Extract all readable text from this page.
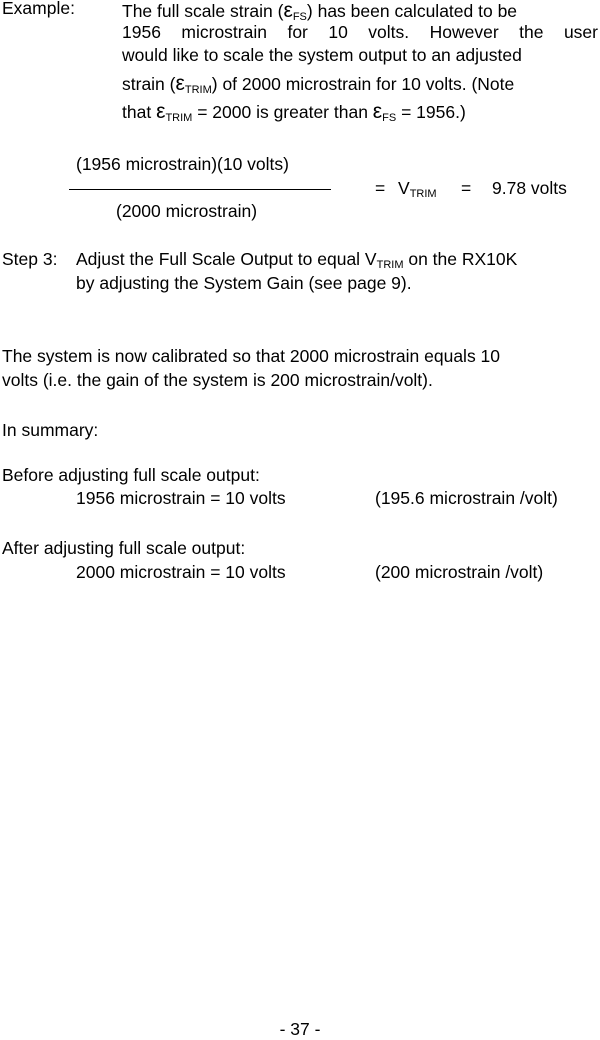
Example:	The full scale strain $(\varepsilon_{FS})$ has been calculated to be
1956 microstrain for 10 volts. However the user
would like to scale the system output to an adjusted
strain $(\varepsilon_{TRIM})$ of 2000 microstrain for 10 volts. (Note
that $\varepsilon_{TRIM} = 2000$ is greater than $\varepsilon_{FS} = 1956$.)
(1956 microstrain)(10 volts)
(2000 microstrain)
= $V_{TRIM} = 9.78$ volts
Step 3: Adjust the Full Scale Output to equal $V_{TRIM}$ on the RX10K
by adjusting the System Gain (see page 9).
The system is now calibrated so that 2000 microstrain equals 10
volts (i.e. the gain of the system is 200 microstrain/volt).
In summary:
Before adjusting full scale output:
1956 microstrain = 10 volts	(195.6 microstrain /volt)
After adjusting full scale output:
2000 microstrain = 10 volts	(200 microstrain /volt)
- 37 -
